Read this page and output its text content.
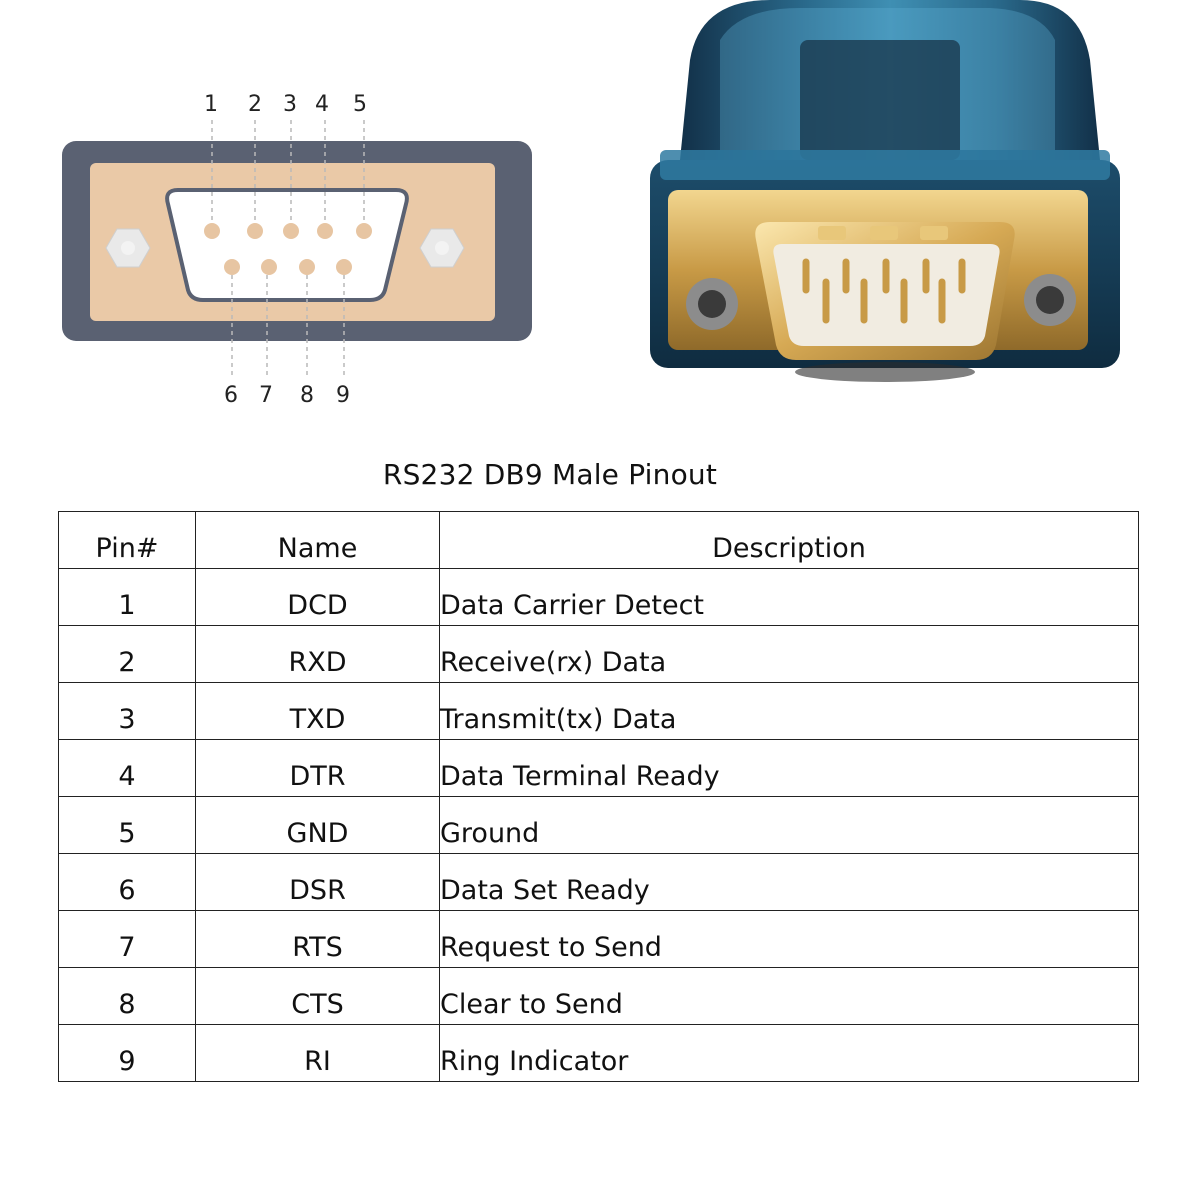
1 2 3 4 5
6 7 8 9
RS232 DB9 Male Pinout
Pin#	Name	Description
1	DCD	Data Carrier Detect
2	RXD	Receive(rx) Data
3	TXD	Transmit(tx) Data
4	DTR	Data Terminal Ready
5	GND	Ground
6	DSR	Data Set Ready
7	RTS	Request to Send
8	CTS	Clear to Send
9	RI	Ring Indicator
